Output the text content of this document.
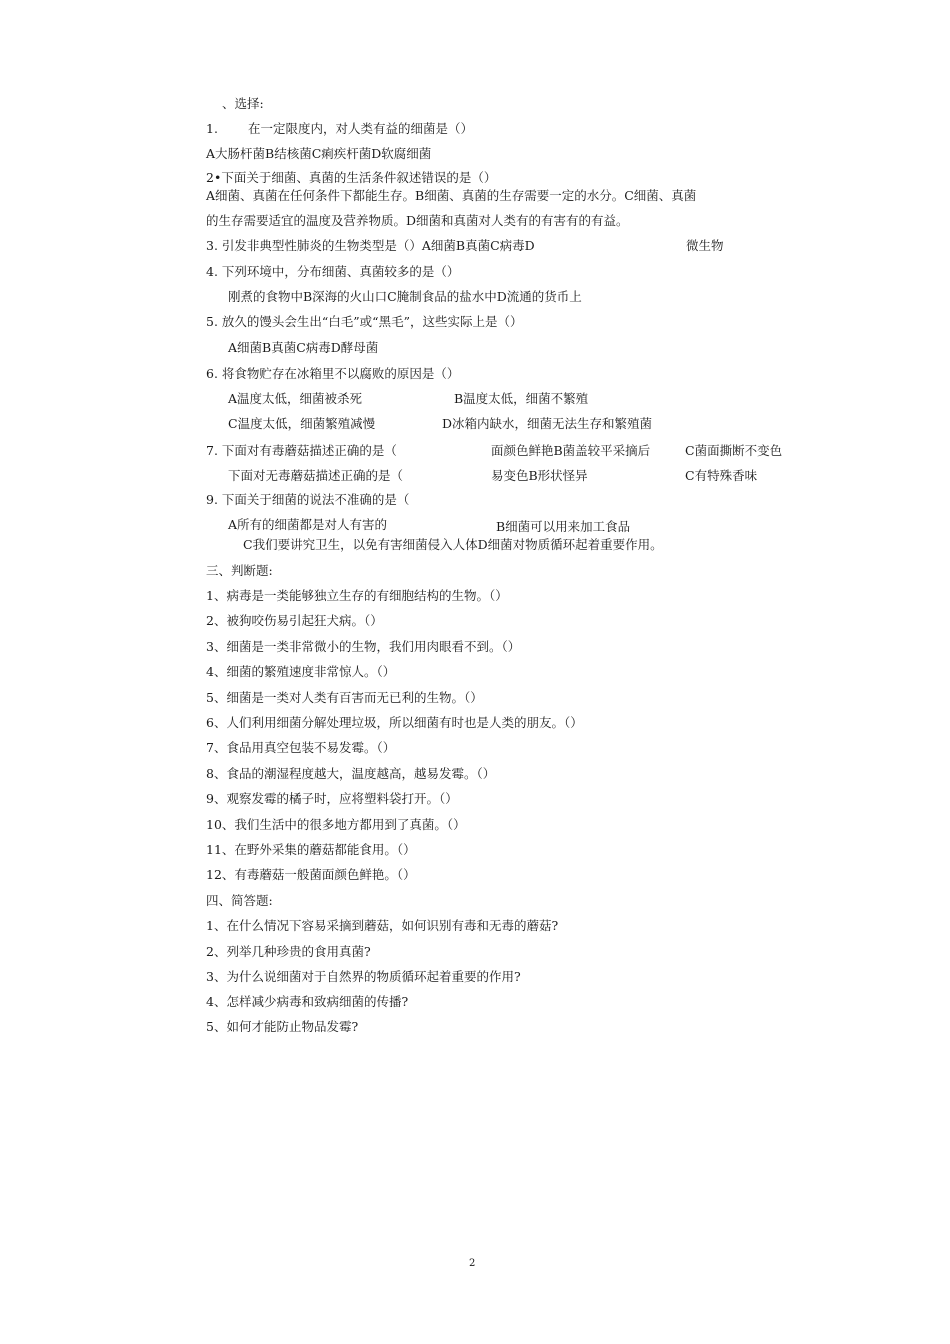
、选择:
1. 在一定限度内，对人类有益的细菌是（）
A大肠杆菌B结核菌C痢疾杆菌D软腐细菌
2•下面关于细菌、真菌的生活条件叙述错误的是（）
A细菌、真菌在任何条件下都能生存。B细菌、真菌的生存需要一定的水分。C细菌、真菌
的生存需要适宜的温度及营养物质。D细菌和真菌对人类有的有害有的有益。
3. 引发非典型性肺炎的生物类型是（）A细菌B真菌C病毒D	微生物
4. 下列环境中，分布细菌、真菌较多的是（）
刚煮的食物中B深海的火山口C腌制食品的盐水中D流通的货币上
5. 放久的馒头会生出“白毛”或“黑毛”，这些实际上是（）
A细菌B真菌C病毒D酵母菌
6. 将食物贮存在冰箱里不以腐败的原因是（）
A温度太低，细菌被杀死	B温度太低，细菌不繁殖
C温度太低，细菌繁殖减慢	D冰箱内缺水，细菌无法生存和繁殖菌
7. 下面对有毒蘑菇描述正确的是（	面颜色鲜艳B菌盖较平采摘后	C菌面撕断不变色
下面对无毒蘑菇描述正确的是（	易变色B形状怪异	C有特殊香味
9. 下面关于细菌的说法不准确的是（
A所有的细菌都是对人有害的	B细菌可以用来加工食品
C我们要讲究卫生，以免有害细菌侵入人体D细菌对物质循环起着重要作用。
三、判断题:
1、病毒是一类能够独立生存的有细胞结构的生物。（）
2、被狗咬伤易引起狂犬病。（）
3、细菌是一类非常微小的生物，我们用肉眼看不到。（）
4、细菌的繁殖速度非常惊人。（）
5、细菌是一类对人类有百害而无已利的生物。（）
6、人们利用细菌分解处理垃圾，所以细菌有时也是人类的朋友。（）
7、食品用真空包装不易发霉。（）
8、食品的潮湿程度越大，温度越高，越易发霉。（）
9、观察发霉的橘子时，应将塑料袋打开。（）
10、我们生活中的很多地方都用到了真菌。（）
11、在野外采集的蘑菇都能食用。（）
12、有毒蘑菇一般菌面颜色鲜艳。（）
四、简答题:
1、在什么情况下容易采摘到蘑菇，如何识别有毒和无毒的蘑菇?
2、列举几种珍贵的食用真菌?
3、为什么说细菌对于自然界的物质循环起着重要的作用?
4、怎样减少病毒和致病细菌的传播?
5、如何才能防止物品发霉?
2
